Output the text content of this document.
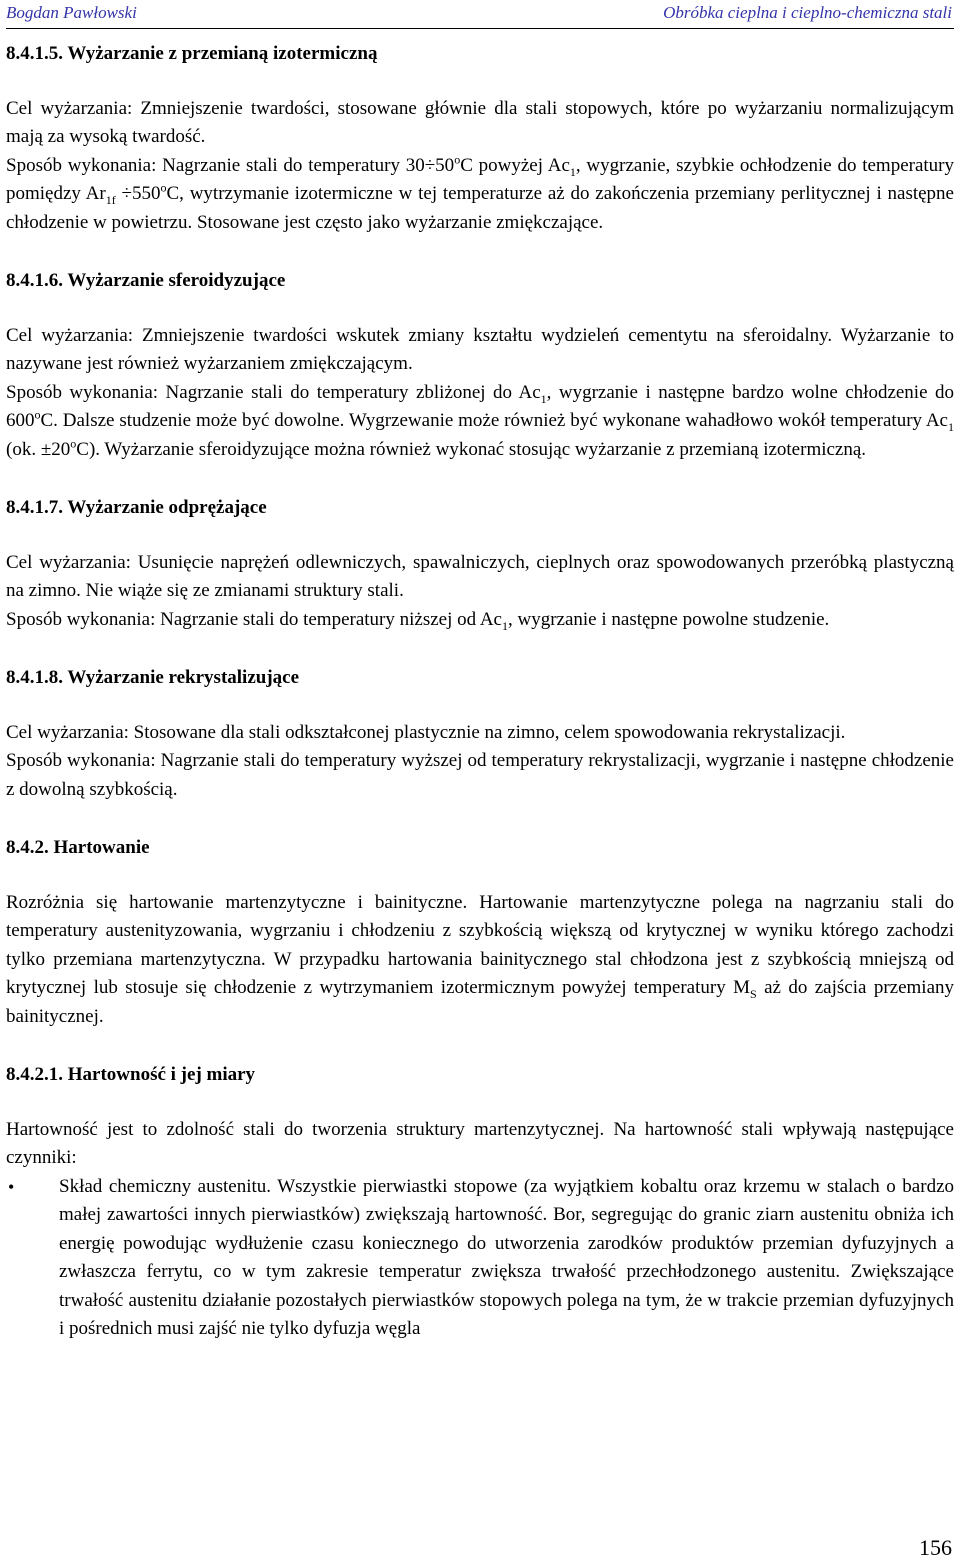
Bogdan Pawłowski	Obróbka cieplna i cieplno-chemiczna stali
8.4.1.5. Wyżarzanie z przemianą izotermiczną

Cel wyżarzania: Zmniejszenie twardości, stosowane głównie dla stali stopowych, które po wyżarzaniu normalizującym mają za wysoką twardość.

Sposób wykonania: Nagrzanie stali do temperatury $30\div 50^oC$ powyżej $Ac_1$, wygrzanie, szybkie ochłodzenie do temperatury pomiędzy $Ar_{1f} \div 550^oC$, wytrzymanie izotermiczne w tej temperaturze aż do zakończenia przemiany perlitycznej i następne chłodzenie w powietrzu. Stosowane jest często jako wyżarzanie zmiękczające.

8.4.1.6. Wyżarzanie sferoidyzujące

Cel wyżarzania: Zmniejszenie twardości wskutek zmiany kształtu wydzieleń cementytu na sferoidalny. Wyżarzanie to nazywane jest również wyżarzaniem zmiękczającym.

Sposób wykonania: Nagrzanie stali do temperatury zbliżonej do $Ac_1$, wygrzanie i następne bardzo wolne chłodzenie do 600$^o$C. Dalsze studzenie może być dowolne. Wygrzewanie może również być wykonane wahadłowo wokół temperatury $Ac_1$ (ok. $\pm 20^oC$). Wyżarzanie sferoidyzujące można również wykonać stosując wyżarzanie z przemianą izotermiczną.

8.4.1.7. Wyżarzanie odprężające

Cel wyżarzania: Usunięcie naprężeń odlewniczych, spawalniczych, cieplnych oraz spowodowanych przeróbką plastyczną na zimno. Nie wiąże się ze zmianami struktury stali.

Sposób wykonania: Nagrzanie stali do temperatury niższej od $Ac_1$, wygrzanie i następne powolne studzenie.

8.4.1.8. Wyżarzanie rekrystalizujące

Cel wyżarzania: Stosowane dla stali odkształconej plastycznie na zimno, celem spowodowania rekrystalizacji.

Sposób wykonania: Nagrzanie stali do temperatury wyższej od temperatury rekrystalizacji, wygrzanie i następne chłodzenie z dowolną szybkością.

8.4.2. Hartowanie

Rozróżnia się hartowanie martenzytyczne i bainityczne. Hartowanie martenzytyczne polega na nagrzaniu stali do temperatury austenityzowania, wygrzaniu i chłodzeniu z szybkością większą od krytycznej w wyniku którego zachodzi tylko przemiana martenzytyczna. W przypadku hartowania bainitycznego stal chłodzona jest z szybkością mniejszą od krytycznej lub stosuje się chłodzenie z wytrzymaniem izotermicznym powyżej temperatury $M_S$ aż do zajścia przemiany bainitycznej.

8.4.2.1. Hartowność i jej miary

Hartowność jest to zdolność stali do tworzenia struktury martenzytycznej. Na hartowność stali wpływają następujące czynniki:

• Skład chemiczny austenitu. Wszystkie pierwiastki stopowe (za wyjątkiem kobaltu oraz krzemu w stalach o bardzo małej zawartości innych pierwiastków) zwiększają hartowność. Bor, segregując do granic ziarn austenitu obniża ich energię powodując wydłużenie czasu koniecznego do utworzenia zarodków produktów przemian dyfuzyjnych a zwłaszcza ferrytu, co w tym zakresie temperatur zwiększa trwałość przechłodzonego austenitu. Zwiększające trwałość austenitu działanie pozostałych pierwiastków stopowych polega na tym, że w trakcie przemian dyfuzyjnych i pośrednich musi zajść nie tylko dyfuzja węgla
156
